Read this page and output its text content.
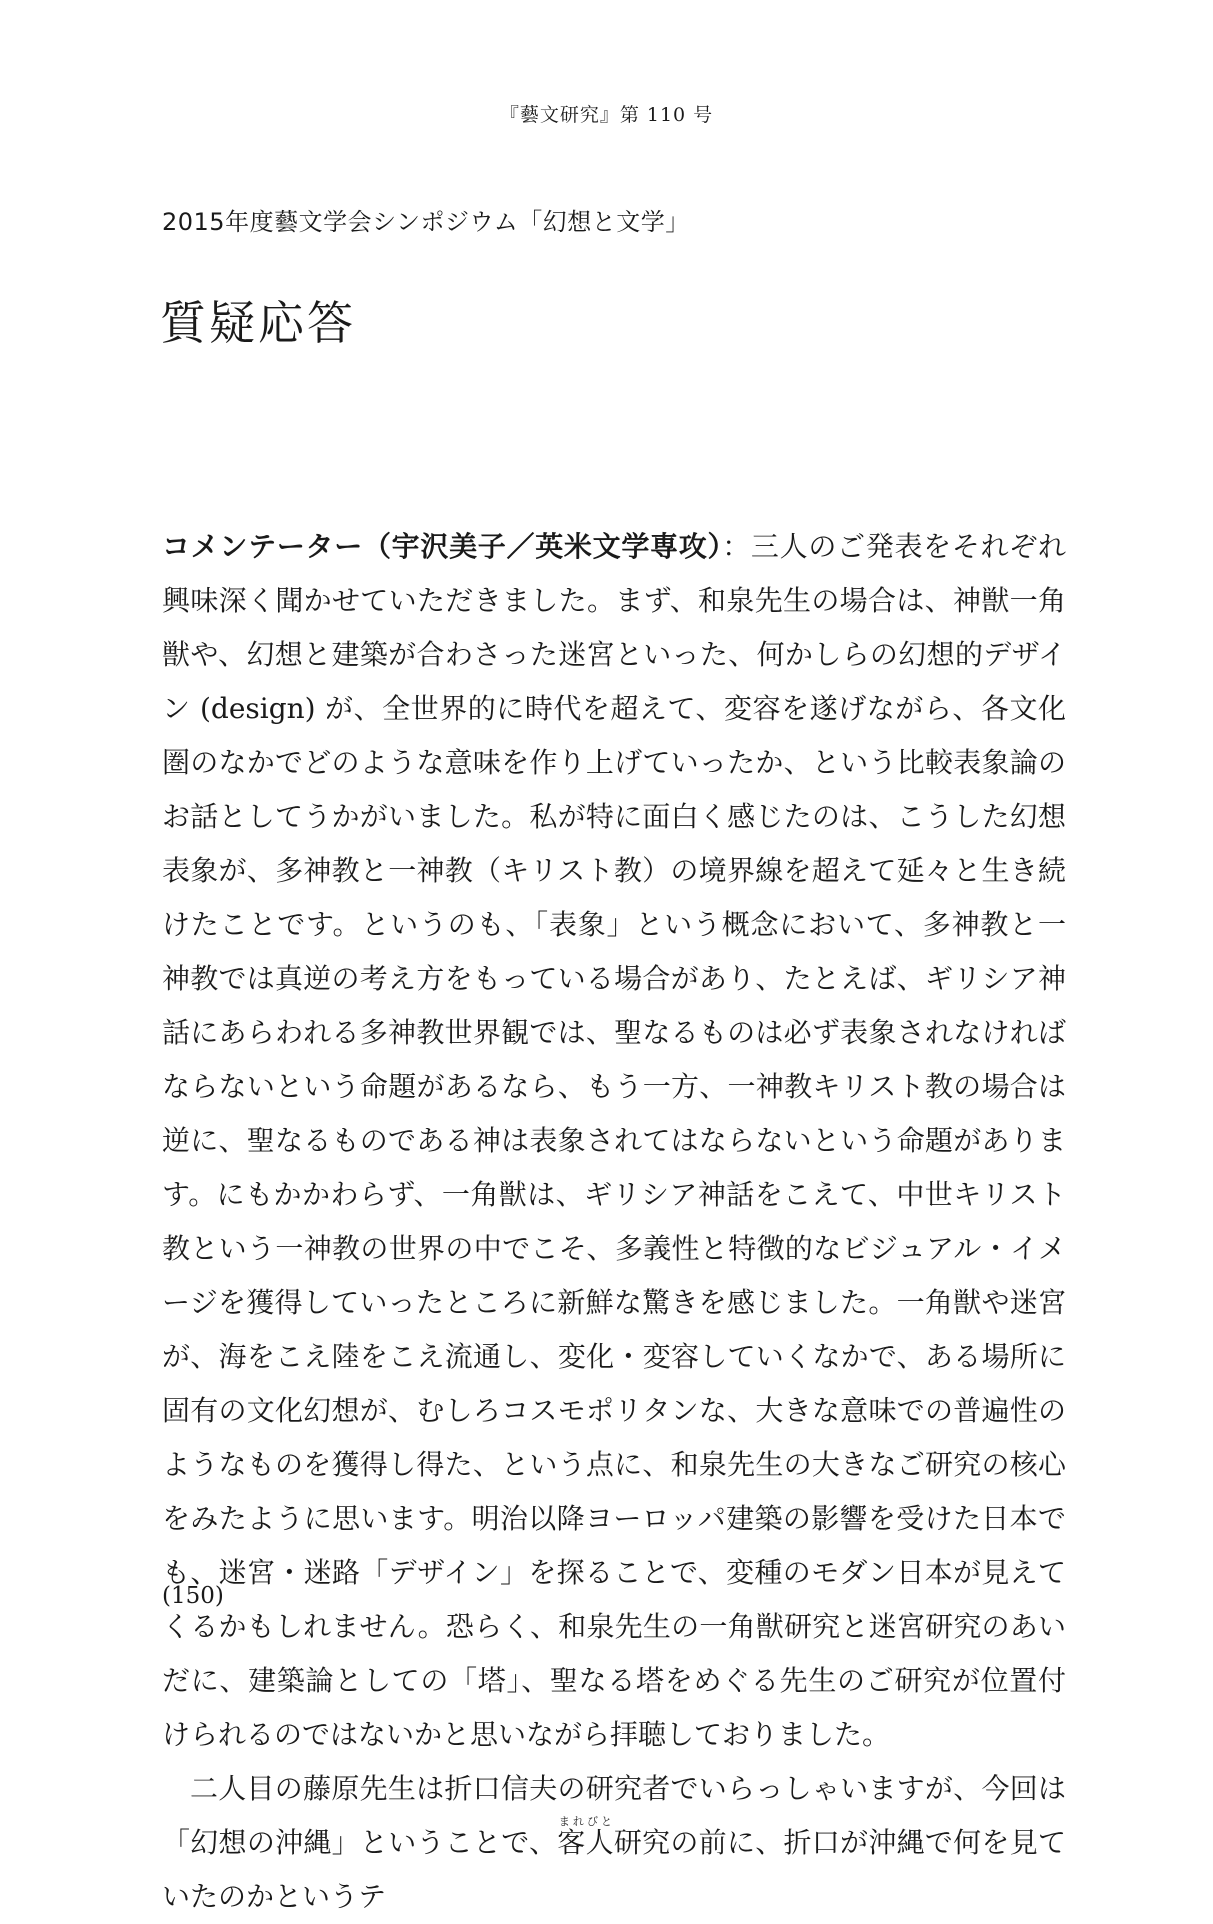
『藝文研究』第 110 号
2015年度藝文学会シンポジウム「幻想と文学」
質疑応答

コメンテーター（宇沢美子／英米文学専攻）：三人のご発表をそれぞれ興味深く聞かせていただきました。まず、和泉先生の場合は、神獣一角獣や、幻想と建築が合わさった迷宮といった、何かしらの幻想的デザイン (design) が、全世界的に時代を超えて、変容を遂げながら、各文化圏のなかでどのような意味を作り上げていったか、という比較表象論のお話としてうかがいました。私が特に面白く感じたのは、こうした幻想表象が、多神教と一神教（キリスト教）の境界線を超えて延々と生き続けたことです。というのも、「表象」という概念において、多神教と一神教では真逆の考え方をもっている場合があり、たとえば、ギリシア神話にあらわれる多神教世界観では、聖なるものは必ず表象されなければならないという命題があるなら、もう一方、一神教キリスト教の場合は逆に、聖なるものである神は表象されてはならないという命題があります。にもかかわらず、一角獣は、ギリシア神話をこえて、中世キリスト教という一神教の世界の中でこそ、多義性と特徴的なビジュアル・イメージを獲得していったところに新鮮な驚きを感じました。一角獣や迷宮が、海をこえ陸をこえ流通し、変化・変容していくなかで、ある場所に固有の文化幻想が、むしろコスモポリタンな、大きな意味での普遍性のようなものを獲得し得た、という点に、和泉先生の大きなご研究の核心をみたように思います。明治以降ヨーロッパ建築の影響を受けた日本でも、迷宮・迷路「デザイン」を探ることで、変種のモダン日本が見えてくるかもしれません。恐らく、和泉先生の一角獣研究と迷宮研究のあいだに、建築論としての「塔」、聖なる塔をめぐる先生のご研究が位置付けられるのではないかと思いながら拝聴しておりました。

二人目の藤原先生は折口信夫の研究者でいらっしゃいますが、今回は「幻想の沖縄」ということで、客人まれびと研究の前に、折口が沖縄で何を見ていたのかというテ

(150)
